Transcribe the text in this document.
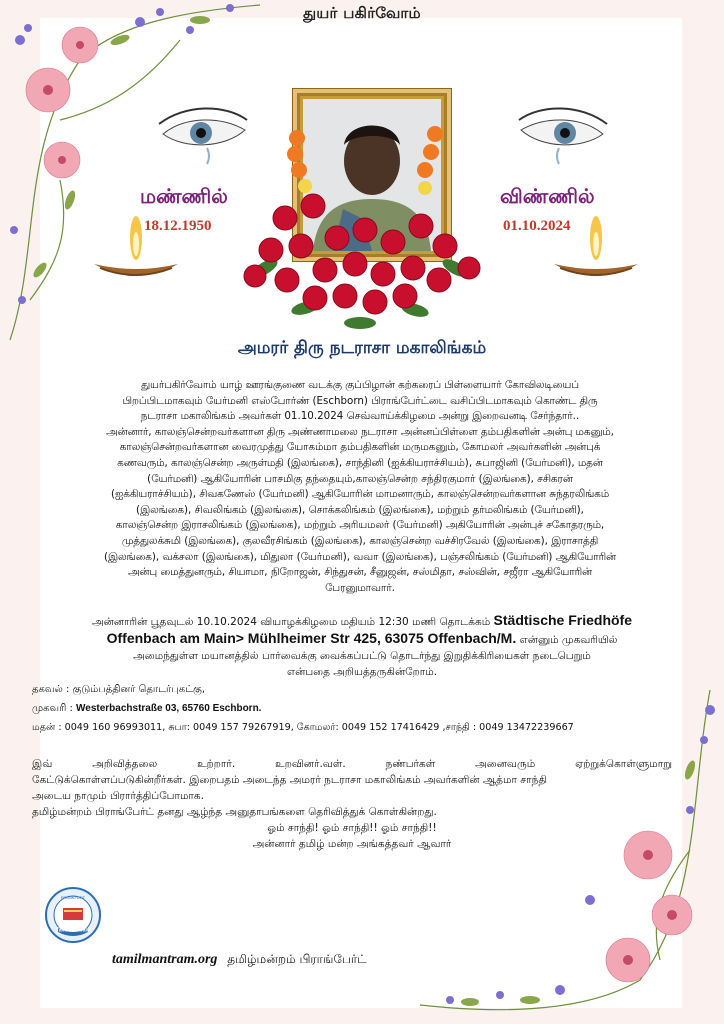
துயர் பகிர்வோம்
மண்ணில்
18.12.1950
விண்ணில்
01.10.2024
அமரர் திரு நடராசா மகாலிங்கம்

துயர்பகிர்வோம் யாழ் ஊரங்குணை வடக்கு குப்பிழான் கற்கரைப் பிள்ளையார் கோவிலடியைப்

பிறப்பிடமாகவும் யேர்மனி எஸ்போர்ண் (Eschborn) பிராங்பேர்ட்டை வசிப்பிடமாகவும் கொண்ட திரு

நடராசா மகாலிங்கம் அவர்கள் 01.10.2024 செவ்வாய்க்கிழமை அன்று இறைவனடி சேர்ந்தார்..

அன்னார், காலஞ்சென்றவர்களான திரு அண்ணாமலை நடராசா அன்னப்பிள்ளை தம்பதிகளின் அன்பு மகனும்,

காலஞ்சென்றவர்களான வைரமுத்து யோகம்மா தம்பதிகளின் மருமகனும், கோமலர் அவர்களின் அன்புக்

கணவரும், காலஞ்சென்ற அருள்மதி (இலங்கை), சாந்தினி (ஐக்கியராச்சியம்), சுபாஜினி (யேர்மனி), மதன்

(யேர்மனி) ஆகியோரின் பாசமிகு தந்தையும்,காலஞ்சென்ற சந்திரகுமார் (இலங்கை), சசிகரன்

(ஐக்கியராச்சியம்), சிவகணேஸ் (யேர்மனி) ஆகியோரின் மாமனாரும், காலஞ்சென்றவர்களான சுந்தரலிங்கம்

(இலங்கை), சிவலிங்கம் (இலங்கை), சொக்கலிங்கம் (இலங்கை), மற்றும் தர்மலிங்கம் (யேர்மனி),

காலஞ்சென்ற இராசலிங்கம் (இலங்கை), மற்றும் அரியமலர் (யேர்மனி) அகியோரின் அன்புச் சகோதரரும்,

முத்துலக்சுமி (இலங்கை), குலவீரசிங்கம் (இலங்கை), காலஞ்சென்ற வச்சிரவேல் (இலங்கை), இராசாத்தி

(இலங்கை), வக்சலா (இலங்கை), மிதுலா (யேர்மனி), வவா (இலங்கை), பஞ்சலிங்கம் (யேர்மனி) ஆகியோரின்

அன்பு மைத்துனரும், சியாமா, நிறோஜன், சிந்துசன், சீனுஜன், சஸ்மிதா, சஸ்வின், சஜீரா ஆகியோரின்

பேரனுமாவார்.

அன்னாரின் பூதவுடல் 10.10.2024 வியாழக்கிழமை மதியம் 12:30 மணி தொடக்கம் Städtische Friedhöfe
Offenbach am Main> Mühlheimer Str 425, 63075 Offenbach/M. என்னும் முகவரியில்
அமைந்துள்ள மயானத்தில் பார்வைக்கு வைக்கப்பட்டு தொடர்ந்து இறுதிக்கிரியைகள் நடைபெறும்
என்பதை அறியத்தருகின்றோம்.
தகவல் : குடும்பத்தினர் தொடர்புகட்கு,
முகவரி : Westerbachstraße 03, 65760 Eschborn.
மதன் : 0049 160 96993011, சுபா: 0049 157 79267919, கோமலர்: 0049 152 17416429 ,சாந்தி : 0049 13472239667
இவ் அறிவித்தலை உற்றார். உறவினர்.வள். நண்பர்கள் அனைவரும் ஏற்றுக்கொள்ளுமாறு
கேட்டுக்கொள்ளப்படுகின்றீர்கள். இறைபதம் அடைந்த அமரர் நடராசா மகாலிங்கம் அவர்களின் ஆத்மா சாந்தி
அடைய நாமும் பிரார்த்திப்போமாக.
தமிழ்மன்றம் பிராங்பேர்ட் தனது ஆழ்ந்த அனுதாபங்களை தெரிவித்துக் கொள்கின்றது.
ஓம் சாந்தி! ஓம் சாந்தி!! ஓம் சாந்தி!!
அன்னார் தமிழ் மன்ற அங்கத்தவர் ஆவார்
Tamilmantram
FRANKFURT
tamilmantram.org தமிழ்மன்றம் பிராங்பேர்ட்
